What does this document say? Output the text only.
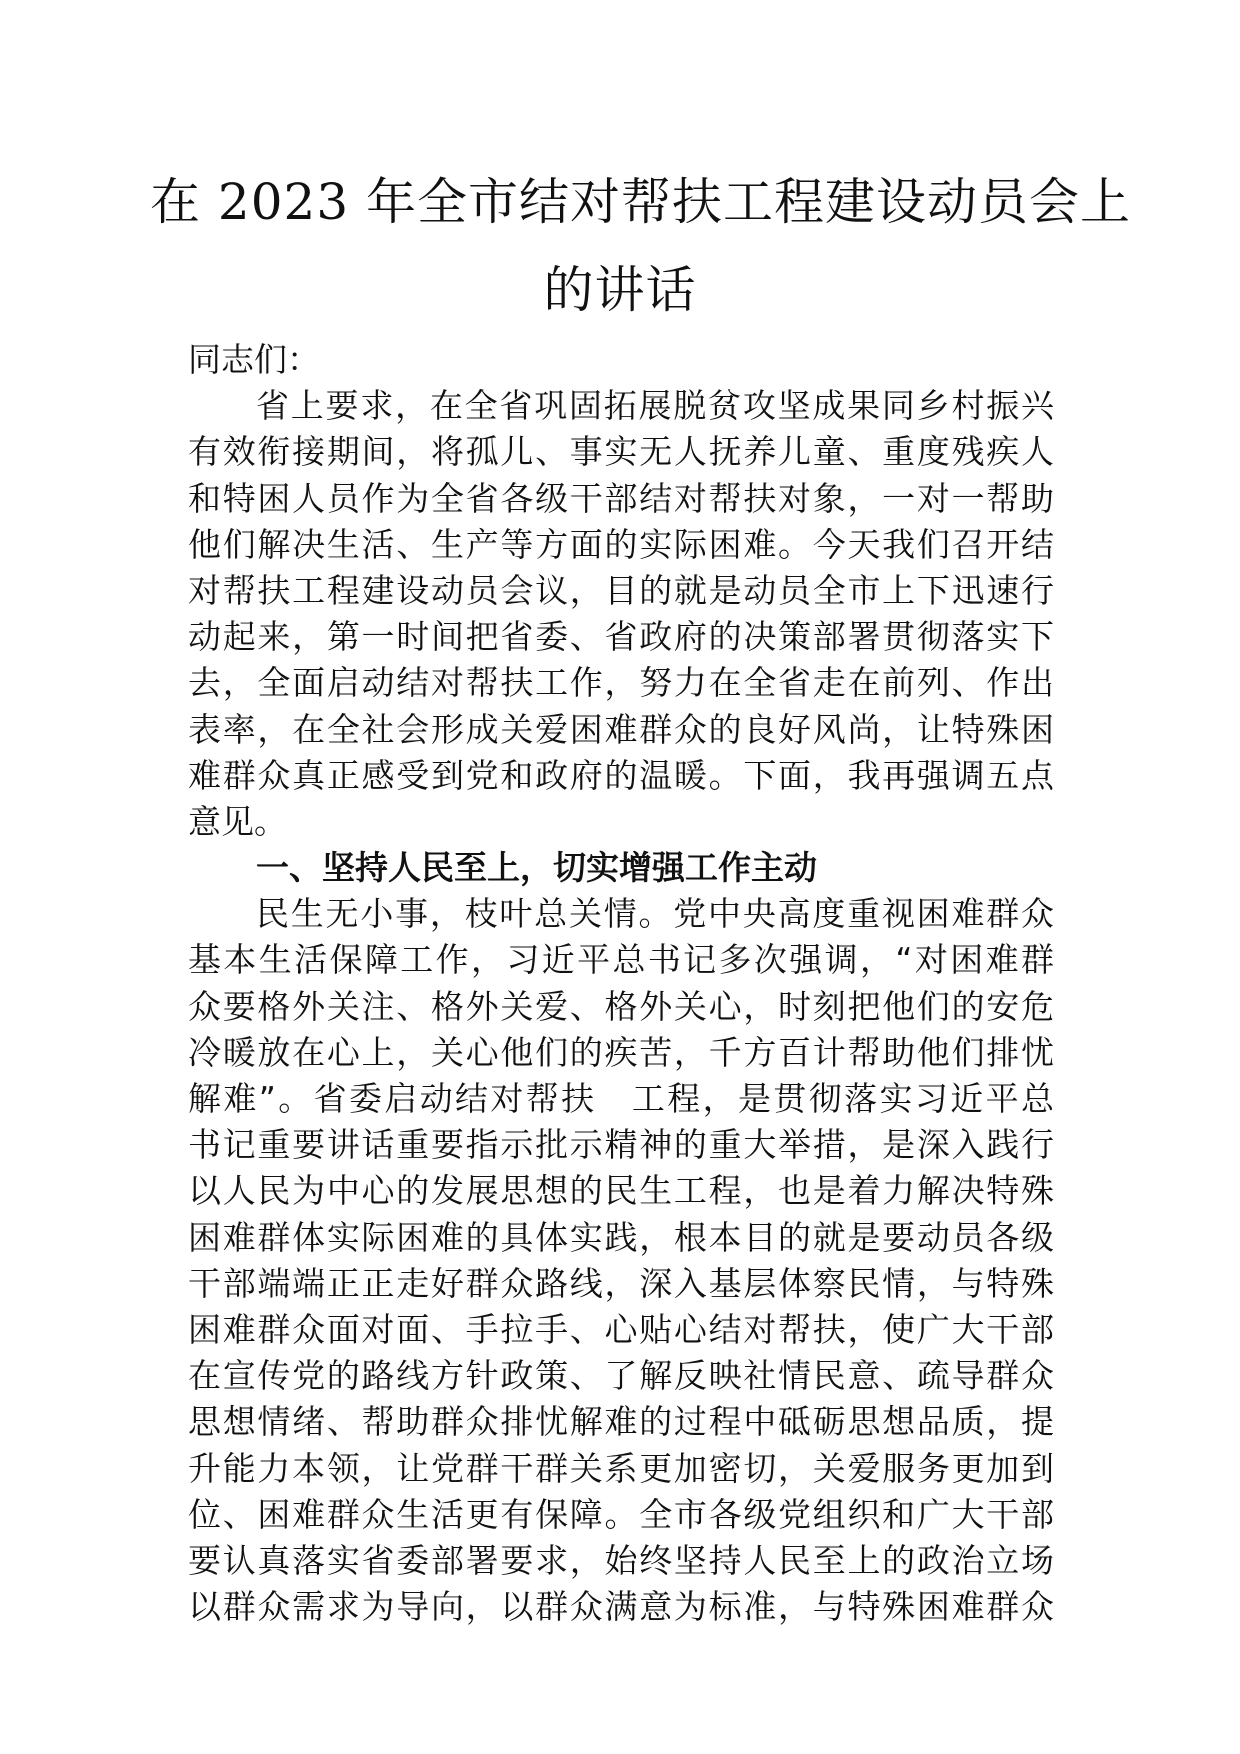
在 2023 年全市结对帮扶工程建设动员会上
的讲话
同志们：
省上要求，在全省巩固拓展脱贫攻坚成果同乡村振兴
有效衔接期间，将孤儿、事实无人抚养儿童、重度残疾人
和特困人员作为全省各级干部结对帮扶对象，一对一帮助
他们解决生活、生产等方面的实际困难。今天我们召开结
对帮扶工程建设动员会议，目的就是动员全市上下迅速行
动起来，第一时间把省委、省政府的决策部署贯彻落实下
去，全面启动结对帮扶工作，努力在全省走在前列、作出
表率，在全社会形成关爱困难群众的良好风尚，让特殊困
难群众真正感受到党和政府的温暖。下面，我再强调五点
意见。
一、坚持人民至上，切实增强工作主动
民生无小事，枝叶总关情。党中央高度重视困难群众
基本生活保障工作，习近平总书记多次强调，“对困难群
众要格外关注、格外关爱、格外关心，时刻把他们的安危
冷暖放在心上，关心他们的疾苦，千方百计帮助他们排忧
解难”。省委启动结对帮扶　工程，是贯彻落实习近平总
书记重要讲话重要指示批示精神的重大举措，是深入践行
以人民为中心的发展思想的民生工程，也是着力解决特殊
困难群体实际困难的具体实践，根本目的就是要动员各级
干部端端正正走好群众路线，深入基层体察民情，与特殊
困难群众面对面、手拉手、心贴心结对帮扶，使广大干部
在宣传党的路线方针政策、了解反映社情民意、疏导群众
思想情绪、帮助群众排忧解难的过程中砥砺思想品质，提
升能力本领，让党群干群关系更加密切，关爱服务更加到
位、困难群众生活更有保障。全市各级党组织和广大干部
要认真落实省委部署要求，始终坚持人民至上的政治立场
以群众需求为导向，以群众满意为标准，与特殊困难群众
